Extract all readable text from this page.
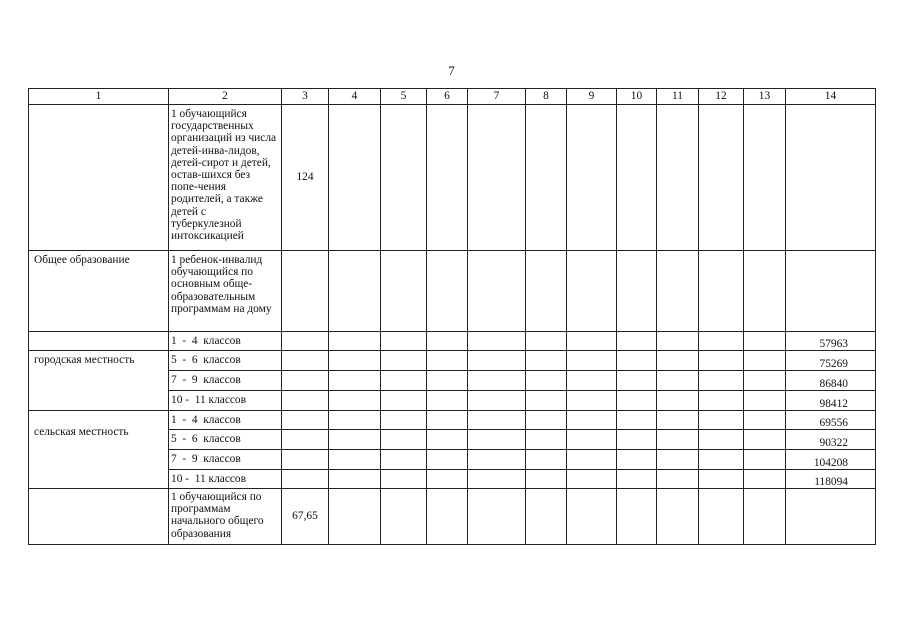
7
1	2	3	4	5	6	7	8	9	10	11	12	13	14
	1 обучающийся государственных организаций из числа детей-инва-лидов, детей-сирот и детей, остав-шихся без попе-чения родителей, а также детей с туберкулезной интоксикацией	124											
Общее образование	1 ребенок-инвалид обучающийся по основным обще-образовательным программам на дому												
	1  -  4  классов												57963
городская местность	5  -  6  классов												75269
	7  -  9  классов												86840
	10 -  11 классов												98412
сельская местность	1  -  4  классов												69556
	5  -  6  классов												90322
	7  -  9  классов												104208
	10 -  11 классов												118094
	1 обучающийся по программам начального общего образования	67,65											
